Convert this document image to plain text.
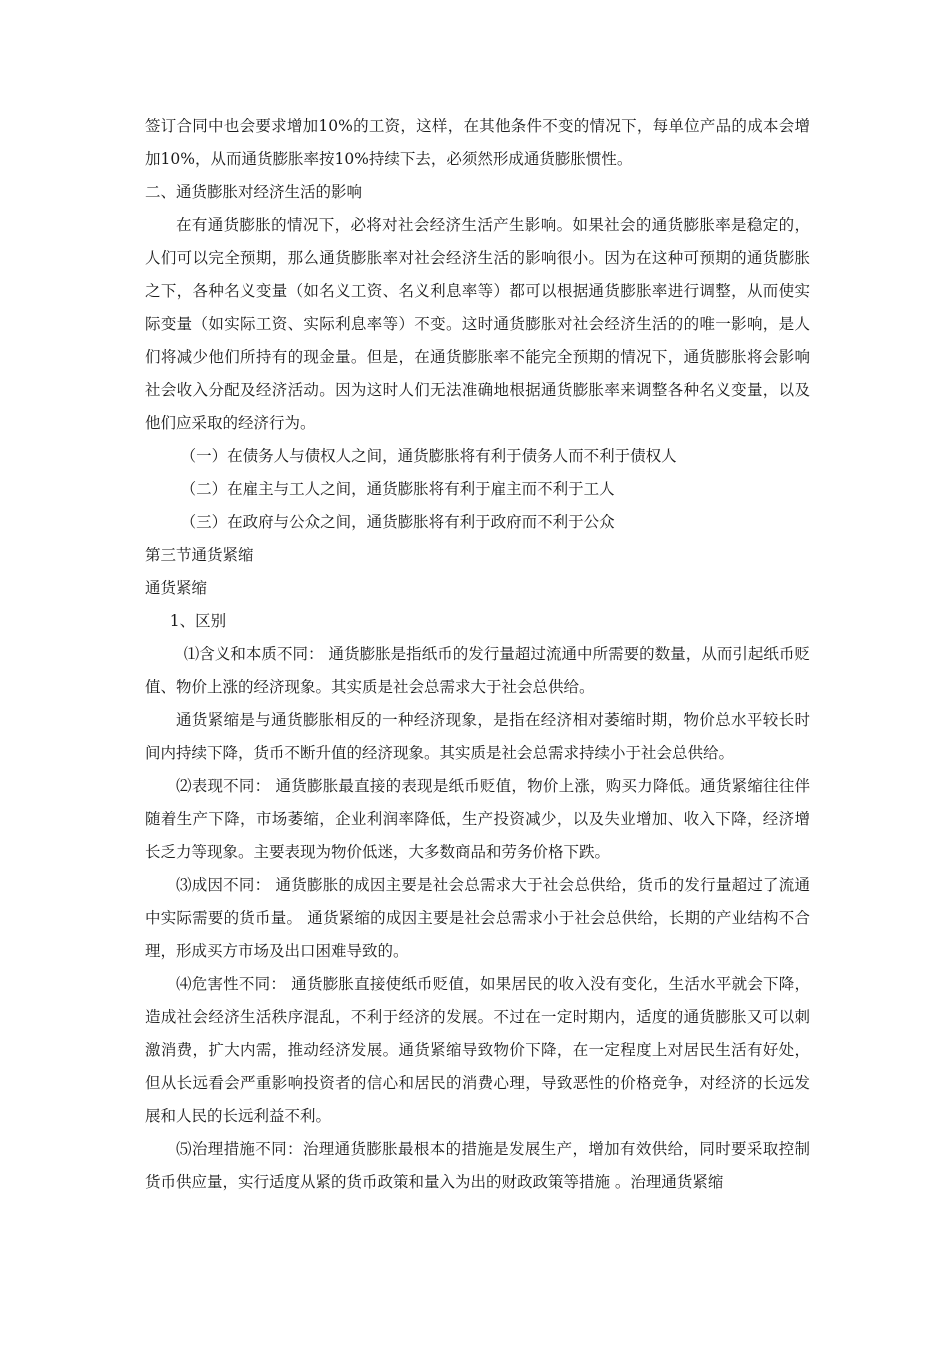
签订合同中也会要求增加10%的工资，这样，在其他条件不变的情况下，每单位产品的成本会增加10%，从而通货膨胀率按10%持续下去，必须然形成通货膨胀惯性。

二、通货膨胀对经济生活的影响

在有通货膨胀的情况下，必将对社会经济生活产生影响。如果社会的通货膨胀率是稳定的，人们可以完全预期，那么通货膨胀率对社会经济生活的影响很小。因为在这种可预期的通货膨胀之下，各种名义变量（如名义工资、名义利息率等）都可以根据通货膨胀率进行调整，从而使实际变量（如实际工资、实际利息率等）不变。这时通货膨胀对社会经济生活的的唯一影响，是人们将减少他们所持有的现金量。但是，在通货膨胀率不能完全预期的情况下，通货膨胀将会影响社会收入分配及经济活动。因为这时人们无法准确地根据通货膨胀率来调整各种名义变量，以及他们应采取的经济行为。

（一）在债务人与债权人之间，通货膨胀将有利于债务人而不利于债权人

（二）在雇主与工人之间，通货膨胀将有利于雇主而不利于工人

（三）在政府与公众之间，通货膨胀将有利于政府而不利于公众

第三节通货紧缩

通货紧缩

1、区别

⑴含义和本质不同： 通货膨胀是指纸币的发行量超过流通中所需要的数量，从而引起纸币贬值、物价上涨的经济现象。其实质是社会总需求大于社会总供给。

通货紧缩是与通货膨胀相反的一种经济现象，是指在经济相对萎缩时期，物价总水平较长时间内持续下降，货币不断升值的经济现象。其实质是社会总需求持续小于社会总供给。

⑵表现不同： 通货膨胀最直接的表现是纸币贬值，物价上涨，购买力降低。通货紧缩往往伴随着生产下降，市场萎缩，企业利润率降低，生产投资减少，以及失业增加、收入下降，经济增长乏力等现象。主要表现为物价低迷，大多数商品和劳务价格下跌。

⑶成因不同： 通货膨胀的成因主要是社会总需求大于社会总供给，货币的发行量超过了流通中实际需要的货币量。 通货紧缩的成因主要是社会总需求小于社会总供给，长期的产业结构不合理，形成买方市场及出口困难导致的。

⑷危害性不同： 通货膨胀直接使纸币贬值，如果居民的收入没有变化，生活水平就会下降，造成社会经济生活秩序混乱，不利于经济的发展。不过在一定时期内，适度的通货膨胀又可以刺激消费，扩大内需，推动经济发展。通货紧缩导致物价下降，在一定程度上对居民生活有好处，但从长远看会严重影响投资者的信心和居民的消费心理，导致恶性的价格竞争，对经济的长远发展和人民的长远利益不利。

⑸治理措施不同：治理通货膨胀最根本的措施是发展生产，增加有效供给，同时要采取控制货币供应量，实行适度从紧的货币政策和量入为出的财政政策等措施 。治理通货紧缩
